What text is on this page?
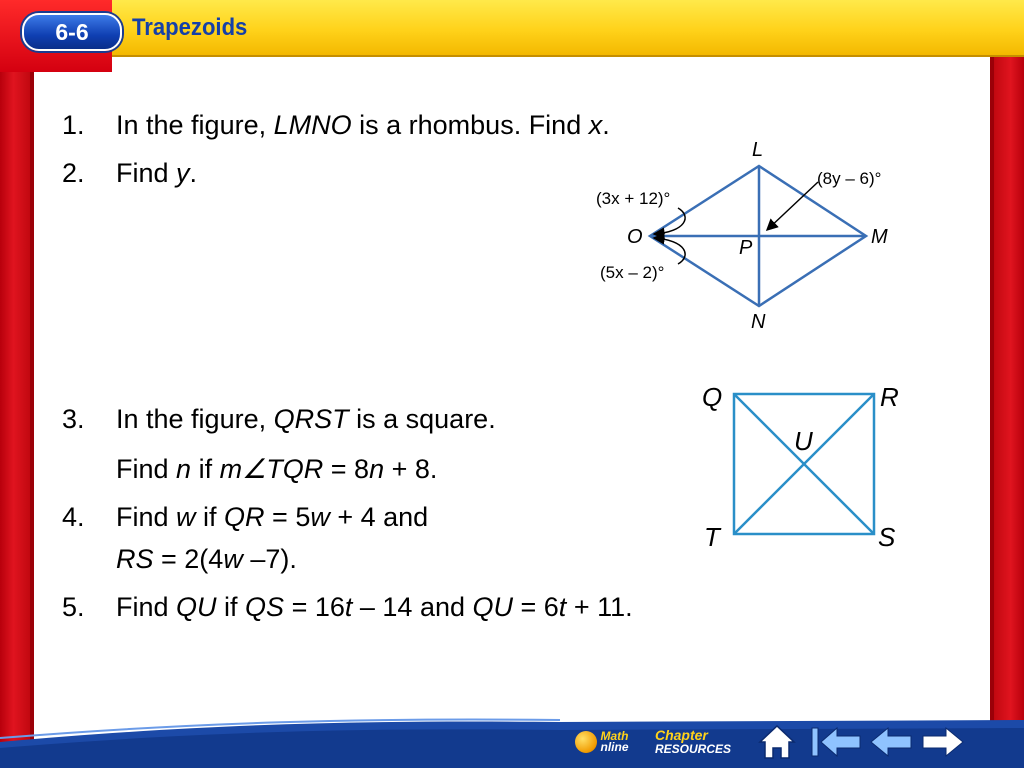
6-6	Trapezoids
1. In the figure, LMNO is a rhombus. Find x.
2. Find y.
3. In the figure, QRST is a square.
Find n if m∠TQR = 8n + 8.
4. Find w if QR = 5w + 4 and
RS = 2(4w –7).
5. Find QU if QS = 16t – 14 and QU = 6t + 11.
L
M
N
O	P
(3x + 12)°
(5x – 2)°
(8y – 6)°
Q	R
S
T
U
Math
nline
Chapter
RESOURCES
